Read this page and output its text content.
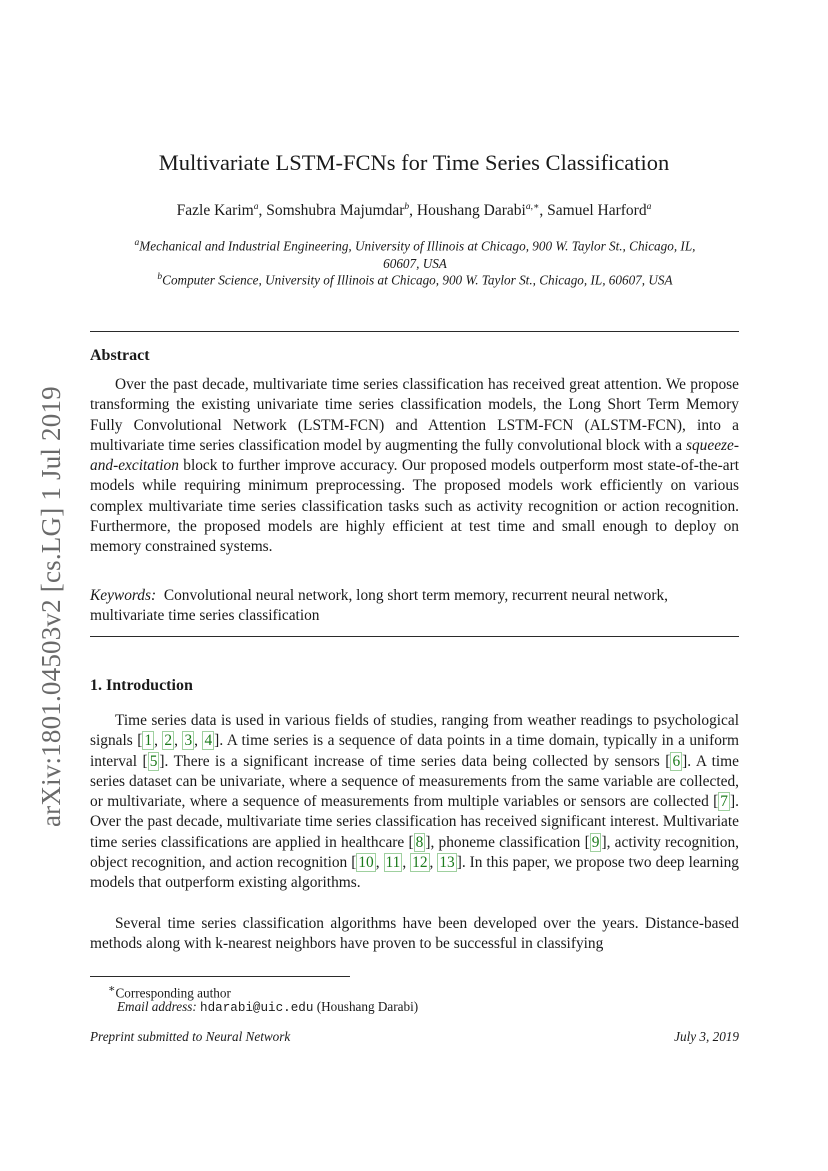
arXiv:1801.04503v2 [cs.LG] 1 Jul 2019
Multivariate LSTM-FCNs for Time Series Classification
Fazle Karim$^a$, Somshubra Majumdar$^b$, Houshang Darabi$^{a,∗}$, Samuel Harford$^a$
$^a$Mechanical and Industrial Engineering, University of Illinois at Chicago, 900 W. Taylor St., Chicago, IL,
60607, USA
$^b$Computer Science, University of Illinois at Chicago, 900 W. Taylor St., Chicago, IL, 60607, USA
Abstract

Over the past decade, multivariate time series classification has received great attention. We propose transforming the existing univariate time series classification models, the Long Short Term Memory Fully Convolutional Network (LSTM-FCN) and Attention LSTM-FCN (ALSTM-FCN), into a multivariate time series classification model by augmenting the fully convolutional block with a squeeze-and-excitation block to further improve accuracy. Our proposed models outperform most state-of-the-art models while requiring minimum preprocessing. The proposed models work efficiently on various complex multivariate time series classification tasks such as activity recognition or action recognition. Furthermore, the proposed models are highly efficient at test time and small enough to deploy on memory constrained systems.

Keywords: Convolutional neural network, long short term memory, recurrent neural network, multivariate time series classification

1. Introduction

Time series data is used in various fields of studies, ranging from weather readings to psychological signals [ 1 , 2 , 3 , 4 ]. A time series is a sequence of data points in a time domain, typically in a uniform interval [ 5 ]. There is a significant increase of time series data being collected by sensors [ 6 ]. A time series dataset can be univariate, where a sequence of measurements from the same variable are collected, or multivariate, where a sequence of measurements from multiple variables or sensors are collected [ 7 ]. Over the past decade, multivariate time series classification has received significant interest. Multivariate time series classifications are applied in healthcare [ 8 ], phoneme classification [ 9 ], activity recognition, object recognition, and action recognition [ 10 , 11 , 12 , 13 ]. In this paper, we propose two deep learning models that outperform existing algorithms.

Several time series classification algorithms have been developed over the years. Distance-based methods along with k-nearest neighbors have proven to be successful in classifying

∗Corresponding author
Email address: hdarabi@uic.edu (Houshang Darabi)
Preprint submitted to Neural Network	July 3, 2019
